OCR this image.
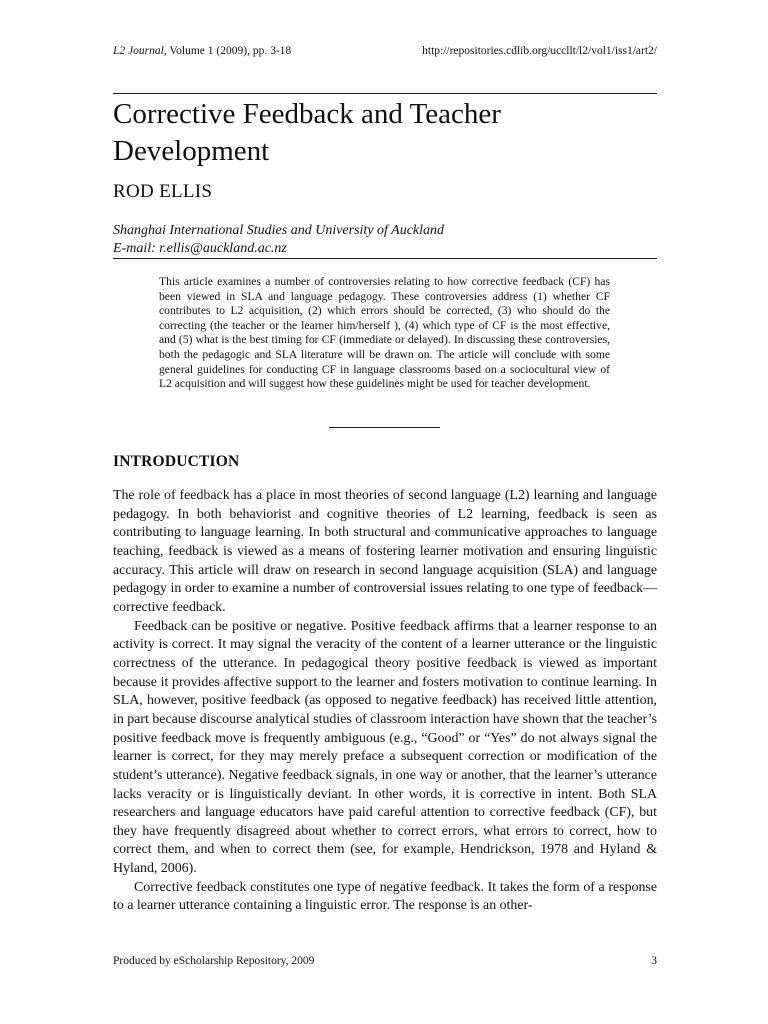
L2 Journal, Volume 1 (2009), pp. 3-18	http://repositories.cdlib.org/uccllt/l2/vol1/iss1/art2/
Corrective Feedback and Teacher Development
ROD ELLIS
Shanghai International Studies and University of Auckland
E-mail: r.ellis@auckland.ac.nz

This article examines a number of controversies relating to how corrective feedback (CF) has been viewed in SLA and language pedagogy. These controversies address (1) whether CF contributes to L2 acquisition, (2) which errors should be corrected, (3) who should do the correcting (the teacher or the learner him/herself ), (4) which type of CF is the most effective, and (5) what is the best timing for CF (immediate or delayed). In discussing these controversies, both the pedagogic and SLA literature will be drawn on. The article will conclude with some general guidelines for conducting CF in language classrooms based on a sociocultural view of L2 acquisition and will suggest how these guidelines might be used for teacher development.

INTRODUCTION

The role of feedback has a place in most theories of second language (L2) learning and language pedagogy. In both behaviorist and cognitive theories of L2 learning, feedback is seen as contributing to language learning. In both structural and communicative approaches to language teaching, feedback is viewed as a means of fostering learner motivation and ensuring linguistic accuracy. This article will draw on research in second language acquisition (SLA) and language pedagogy in order to examine a number of controversial issues relating to one type of feedback—corrective feedback.

Feedback can be positive or negative. Positive feedback affirms that a learner response to an activity is correct. It may signal the veracity of the content of a learner utterance or the linguistic correctness of the utterance. In pedagogical theory positive feedback is viewed as important because it provides affective support to the learner and fosters motivation to continue learning. In SLA, however, positive feedback (as opposed to negative feedback) has received little attention, in part because discourse analytical studies of classroom interaction have shown that the teacher’s positive feedback move is frequently ambiguous (e.g., “Good” or “Yes” do not always signal the learner is correct, for they may merely preface a subsequent correction or modification of the student’s utterance). Negative feedback signals, in one way or another, that the learner’s utterance lacks veracity or is linguistically deviant. In other words, it is corrective in intent. Both SLA researchers and language educators have paid careful attention to corrective feedback (CF), but they have frequently disagreed about whether to correct errors, what errors to correct, how to correct them, and when to correct them (see, for example, Hendrickson, 1978 and Hyland & Hyland, 2006).

Corrective feedback constitutes one type of negative feedback. It takes the form of a response to a learner utterance containing a linguistic error. The response is an other-

Produced by eScholarship Repository, 2009	3
